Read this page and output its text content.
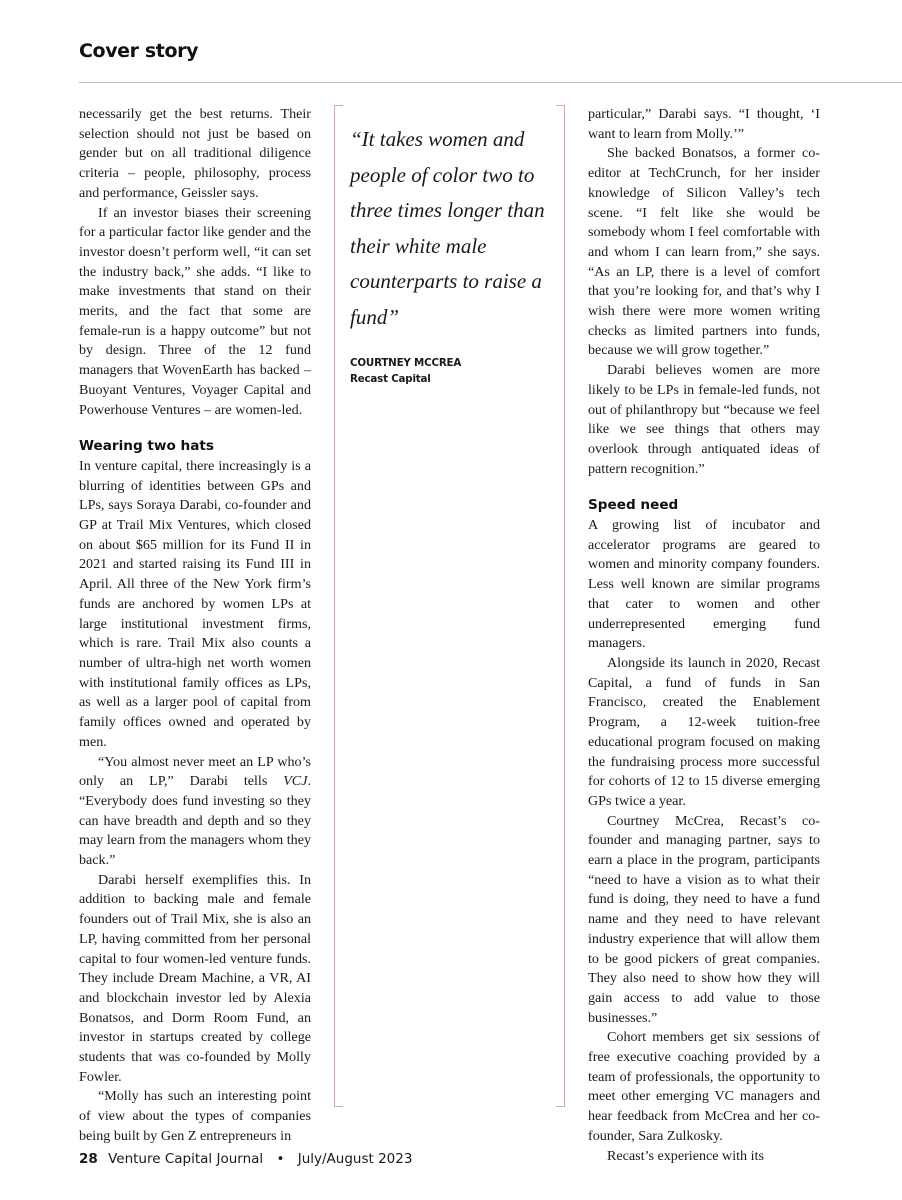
Cover story

necessarily get the best returns. Their selection should not just be based on gender but on all traditional diligence criteria – people, philosophy, process and performance, Geissler says.

If an investor biases their screening for a particular factor like gender and the investor doesn’t perform well, “it can set the industry back,” she adds. “I like to make investments that stand on their merits, and the fact that some are female-run is a happy outcome” but not by design. Three of the 12 fund managers that WovenEarth has backed – Buoyant Ventures, Voyager Capital and Powerhouse Ventures – are women-led.

Wearing two hats

In venture capital, there increasingly is a blurring of identities between GPs and LPs, says Soraya Darabi, co-founder and GP at Trail Mix Ventures, which closed on about $65 million for its Fund II in 2021 and started raising its Fund III in April. All three of the New York firm’s funds are anchored by women LPs at large institutional investment firms, which is rare. Trail Mix also counts a number of ultra-high net worth women with institutional family offices as LPs, as well as a larger pool of capital from family offices owned and operated by men.

“You almost never meet an LP who’s only an LP,” Darabi tells VCJ. “Everybody does fund investing so they can have breadth and depth and so they may learn from the managers whom they back.”

Darabi herself exemplifies this. In addition to backing male and female founders out of Trail Mix, she is also an LP, having committed from her personal capital to four women-led venture funds. They include Dream Machine, a VR, AI and blockchain investor led by Alexia Bonatsos, and Dorm Room Fund, an investor in startups created by college students that was co-founded by Molly Fowler.

“Molly has such an interesting point of view about the types of companies being built by Gen Z entrepreneurs in

“It takes women and people of color two to three times longer than their white male counterparts to raise a fund”

COURTNEY MCCREA
Recast Capital

particular,” Darabi says. “I thought, ‘I want to learn from Molly.’”

She backed Bonatsos, a former co-editor at TechCrunch, for her insider knowledge of Silicon Valley’s tech scene. “I felt like she would be somebody whom I feel comfortable with and whom I can learn from,” she says. “As an LP, there is a level of comfort that you’re looking for, and that’s why I wish there were more women writing checks as limited partners into funds, because we will grow together.”

Darabi believes women are more likely to be LPs in female-led funds, not out of philanthropy but “because we feel like we see things that others may overlook through antiquated ideas of pattern recognition.”

Speed need

A growing list of incubator and accelerator programs are geared to women and minority company founders. Less well known are similar programs that cater to women and other underrepresented emerging fund managers.

Alongside its launch in 2020, Recast Capital, a fund of funds in San Francisco, created the Enablement Program, a 12-week tuition-free educational program focused on making the fundraising process more successful for cohorts of 12 to 15 diverse emerging GPs twice a year.

Courtney McCrea, Recast’s co-founder and managing partner, says to earn a place in the program, participants “need to have a vision as to what their fund is doing, they need to have a fund name and they need to have relevant industry experience that will allow them to be good pickers of great companies. They also need to show how they will gain access to add value to those businesses.”

Cohort members get six sessions of free executive coaching provided by a team of professionals, the opportunity to meet other emerging VC managers and hear feedback from McCrea and her co-founder, Sara Zulkosky.

Recast’s experience with its

28 Venture Capital Journal • July/August 2023
